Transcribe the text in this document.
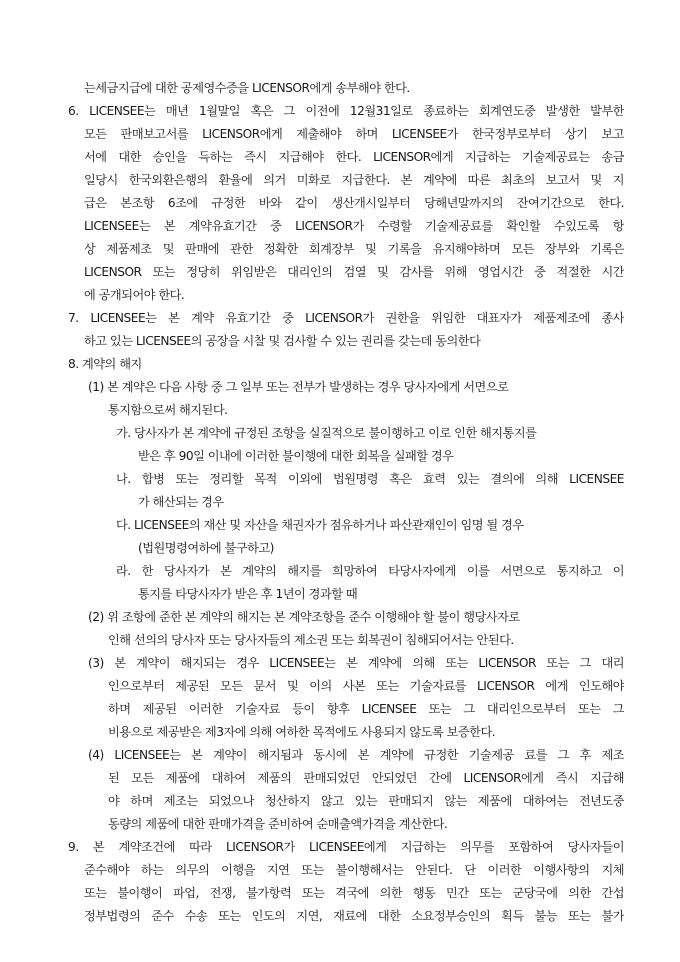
는세금지급에 대한 공제영수증을 LICENSOR에게 송부해야 한다.
6. LICENSEE는 매년 1월말일 혹은 그 이전에 12월31일로 종료하는 회계연도중 발생한 발부한
모든 판매보고서를 LICENSOR에게 제출해야 하며 LICENSEE가 한국정부로부터 상기 보고
서에 대한 승인을 득하는 즉시 지급해야 한다. LICENSOR에게 지급하는 기술제공료는 송금
일당시 한국외환은행의 환율에 의거 미화로 지급한다. 본 계약에 따른 최초의 보고서 및 지
급은 본조항 6조에 규정한 바와 같이 생산개시일부터 당해년말까지의 잔여기간으로 한다.
LICENSEE는 본 계약유효기간 중 LICENSOR가 수령할 기술제공료를 확인할 수있도록 항
상 제품제조 및 판매에 관한 정확한 회계장부 및 기록을 유지해야하며 모든 장부와 기록은
LICENSOR 또는 정당히 위임받은 대리인의 검열 및 감사를 위해 영업시간 중 적절한 시간
에 공개되어야 한다.
7. LICENSEE는 본 계약 유효기간 중 LICENSOR가 권한을 위임한 대표자가 제품제조에 종사
하고 있는 LICENSEE의 공장을 시찰 및 검사할 수 있는 권리를 갖는데 동의한다
8. 계약의 해지
(1) 본 계약은 다음 사항 중 그 일부 또는 전부가 발생하는 경우 당사자에게 서면으로
통지함으로써 해지된다.
가. 당사자가 본 계약에 규정된 조항을 실질적으로 불이행하고 이로 인한 해지통지를
받은 후 90일 이내에 이러한 불이행에 대한 회복을 실패할 경우
나. 합병 또는 정리할 목적 이외에 법원명령 혹은 효력 있는 결의에 의해 LICENSEE
가 해산되는 경우
다. LICENSEE의 재산 및 자산을 채권자가 점유하거나 파산관재인이 임명 될 경우
(법원명령여하에 불구하고)
라. 한 당사자가 본 계약의 해지를 희망하여 타당사자에게 이를 서면으로 통지하고 이
통지를 타당사자가 받은 후 1년이 경과할 때
(2) 위 조항에 준한 본 계약의 해지는 본 계약조항을 준수 이행해야 할 불이 행당사자로
인해 선의의 당사자 또는 당사자들의 제소권 또는 회복권이 침해되어서는 안된다.
(3) 본 계약이 해지되는 경우 LICENSEE는 본 계약에 의해 또는 LICENSOR 또는 그 대리
인으로부터 제공된 모든 문서 및 이의 사본 또는 기술자료를 LICENSOR 에게 인도해야
하며 제공된 이러한 기술자료 등이 향후 LICENSEE 또는 그 대리인으로부터 또는 그
비용으로 제공받은 제3자에 의해 여하한 목적에도 사용되지 않도록 보증한다.
(4) LICENSEE는 본 계약이 해지됨과 동시에 본 계약에 규정한 기술제공 료를 그 후 제조
된 모든 제품에 대하여 제품의 판매되었던 안되었던 간에 LICENSOR에게 즉시 지급해
야 하며 제조는 되었으나 청산하지 않고 있는 판매되지 않는 제품에 대하여는 전년도중
동량의 제품에 대한 판매가격을 준비하여 순매출액가격을 계산한다.
9. 본 계약조건에 따라 LICENSOR가 LICENSEE에게 지급하는 의무를 포함하여 당사자들이
준수해야 하는 의무의 이행을 지연 또는 불이행해서는 안된다. 단 이러한 이행사항의 지체
또는 불이행이 파업, 전쟁, 불가항력 또는 격국에 의한 행동 민간 또는 군당국에 의한 간섭
정부법령의 준수 수송 또는 인도의 지연, 재료에 대한 소요정부승인의 획득 불능 또는 불가
